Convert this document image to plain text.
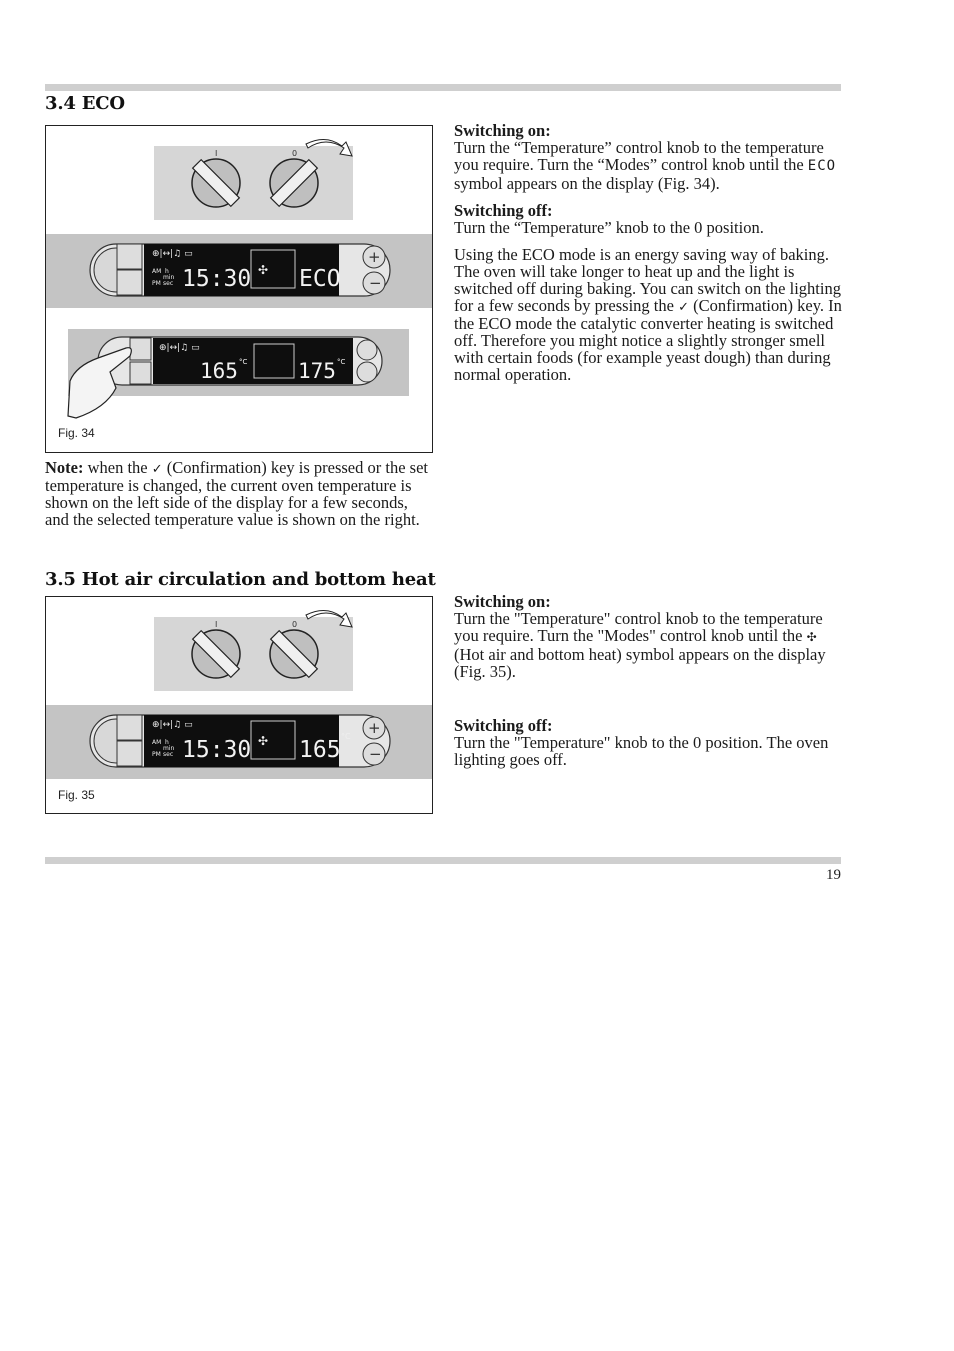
3.4 ECO
I	0
⊕|↔|♫ ▭
AM h
min
PM sec 15:30 ✣ ECO
+
−
⊕|↔|♫ ▭
165 °C 175 °C
Fig. 34

Note: when the ✓ (Confirmation) key is pressed or the set temperature is changed, the current oven temperature is shown on the left side of the display for a few seconds, and the selected temperature value is shown on the right.

Switching on:

Turn the “Temperature” control knob to the temperature you require. Turn the “Modes” control knob until the ECO symbol appears on the display (Fig. 34).

Switching off:

Turn the “Temperature” knob to the 0 position.

Using the ECO mode is an energy saving way of baking. The oven will take longer to heat up and the light is switched off during baking. You can switch on the lighting for a few seconds by pressing the ✓ (Confirmation) key. In the ECO mode the catalytic converter heating is switched off. Therefore you might notice a slightly stronger smell with certain foods (for example yeast dough) than during normal operation.

3.5 Hot air circulation and bottom heat
I	0
⊕|↔|♫ ▭
AM h
min
PM sec 15:30 ✣ 165
°C +
−
Fig. 35

Switching on:

Turn the "Temperature" control knob to the temperature you require. Turn the "Modes" control knob until the ✣ (Hot air and bottom heat) symbol appears on the display (Fig. 35).

Switching off:

Turn the "Temperature" knob to the 0 position. The oven lighting goes off.

19
